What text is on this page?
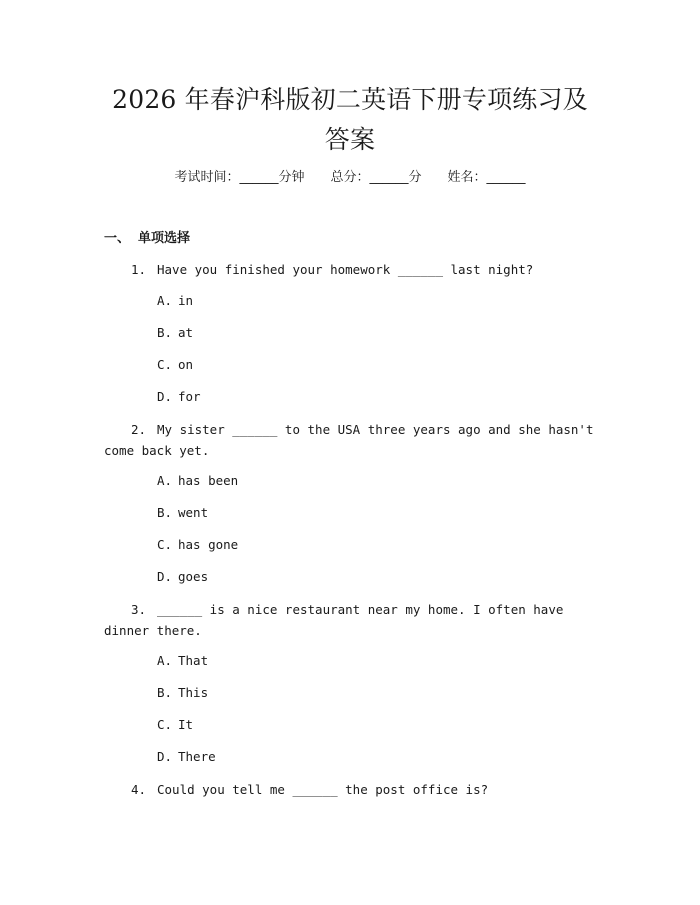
2026 年春沪科版初二英语下册专项练习及答案
考试时间：______分钟 总分：______分 姓名：______
一、 单项选择
1. Have you finished your homework ______ last night?
A. in
B. at
C. on
D. for
2. My sister ______ to the USA three years ago and she hasn't come back yet.
A. has been
B. went
C. has gone
D. goes
3. ______ is a nice restaurant near my home. I often have dinner there.
A. That
B. This
C. It
D. There
4. Could you tell me ______ the post office is?
